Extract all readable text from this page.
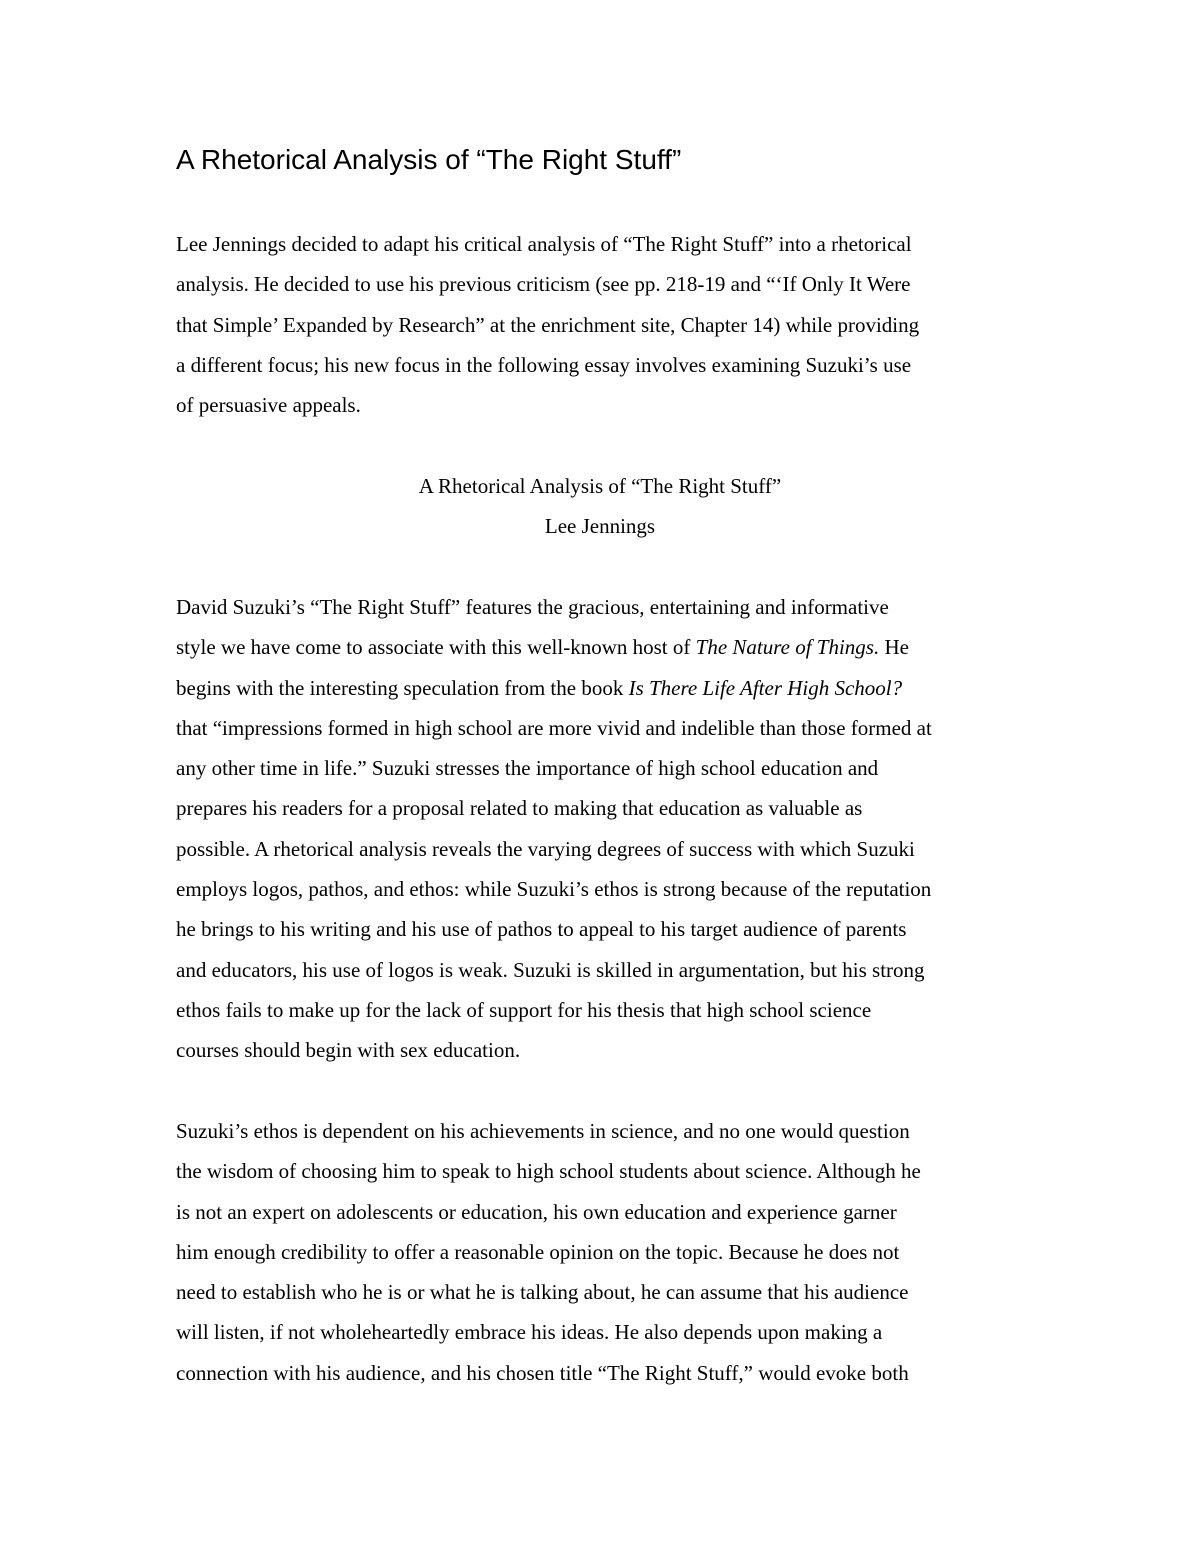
A Rhetorical Analysis of “The Right Stuff”

Lee Jennings decided to adapt his critical analysis of “The Right Stuff” into a rhetorical
analysis. He decided to use his previous criticism (see pp. 218-19 and “‘If Only It Were
that Simple’ Expanded by Research” at the enrichment site, Chapter 14) while providing
a different focus; his new focus in the following essay involves examining Suzuki’s use
of persuasive appeals.

A Rhetorical Analysis of “The Right Stuff”
Lee Jennings

David Suzuki’s “The Right Stuff” features the gracious, entertaining and informative
style we have come to associate with this well-known host of The Nature of Things. He
begins with the interesting speculation from the book Is There Life After High School?
that “impressions formed in high school are more vivid and indelible than those formed at
any other time in life.” Suzuki stresses the importance of high school education and
prepares his readers for a proposal related to making that education as valuable as
possible. A rhetorical analysis reveals the varying degrees of success with which Suzuki
employs logos, pathos, and ethos: while Suzuki’s ethos is strong because of the reputation
he brings to his writing and his use of pathos to appeal to his target audience of parents
and educators, his use of logos is weak. Suzuki is skilled in argumentation, but his strong
ethos fails to make up for the lack of support for his thesis that high school science
courses should begin with sex education.

Suzuki’s ethos is dependent on his achievements in science, and no one would question
the wisdom of choosing him to speak to high school students about science. Although he
is not an expert on adolescents or education, his own education and experience garner
him enough credibility to offer a reasonable opinion on the topic. Because he does not
need to establish who he is or what he is talking about, he can assume that his audience
will listen, if not wholeheartedly embrace his ideas. He also depends upon making a
connection with his audience, and his chosen title “The Right Stuff,” would evoke both
